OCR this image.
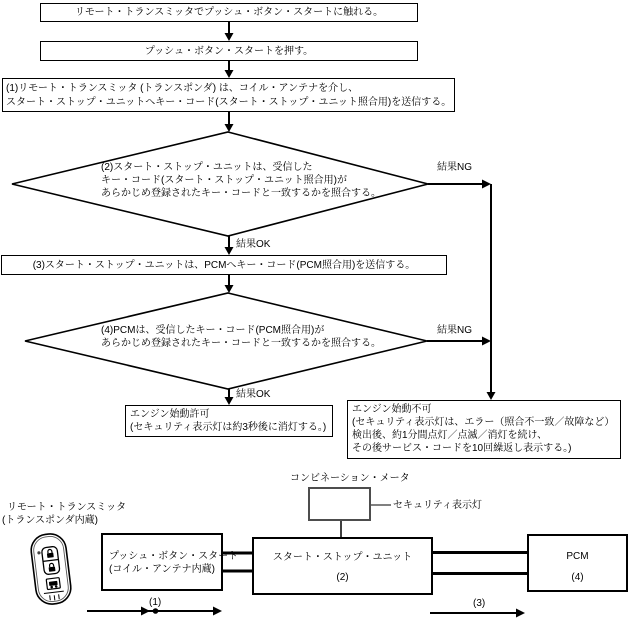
リモート・トランスミッタでプッシュ・ボタン・スタートに触れる。
プッシュ・ボタン・スタートを押す。
(1)リモート・トランスミッタ (トランスポンダ) は、コイル・アンテナを介し、
スタート・ストップ・ユニットへキー・コード(スタート・ストップ・ユニット照合用)を送信する。
(2)スタート・ストップ・ユニットは、受信した
キー・コード(スタート・ストップ・ユニット照合用)が
あらかじめ登録されたキー・コードと一致するかを照合する。
結果NG
結果OK
(3)スタート・ストップ・ユニットは、PCMへキー・コード(PCM照合用)を送信する。
(4)PCMは、受信したキー・コード(PCM照合用)が
あらかじめ登録されたキー・コードと一致するかを照合する。
結果NG
結果OK
エンジン始動許可
(セキュリティ表示灯は約3秒後に消灯する。)
エンジン始動不可
(セキュリティ表示灯は、エラー（照合不一致／故障など）
検出後、約1分間点灯／点滅／消灯を続け、
その後サービス・コードを10回繰返し表示する。)
コンビネーション・メータ
セキュリティ表示灯
リモート・トランスミッタ
(トランスポンダ内蔵)
プッシュ・ボタン・スタート
(コイル・アンテナ内蔵)
スタート・ストップ・ユニット
(2)
PCM
(4)
(1)	(3)
